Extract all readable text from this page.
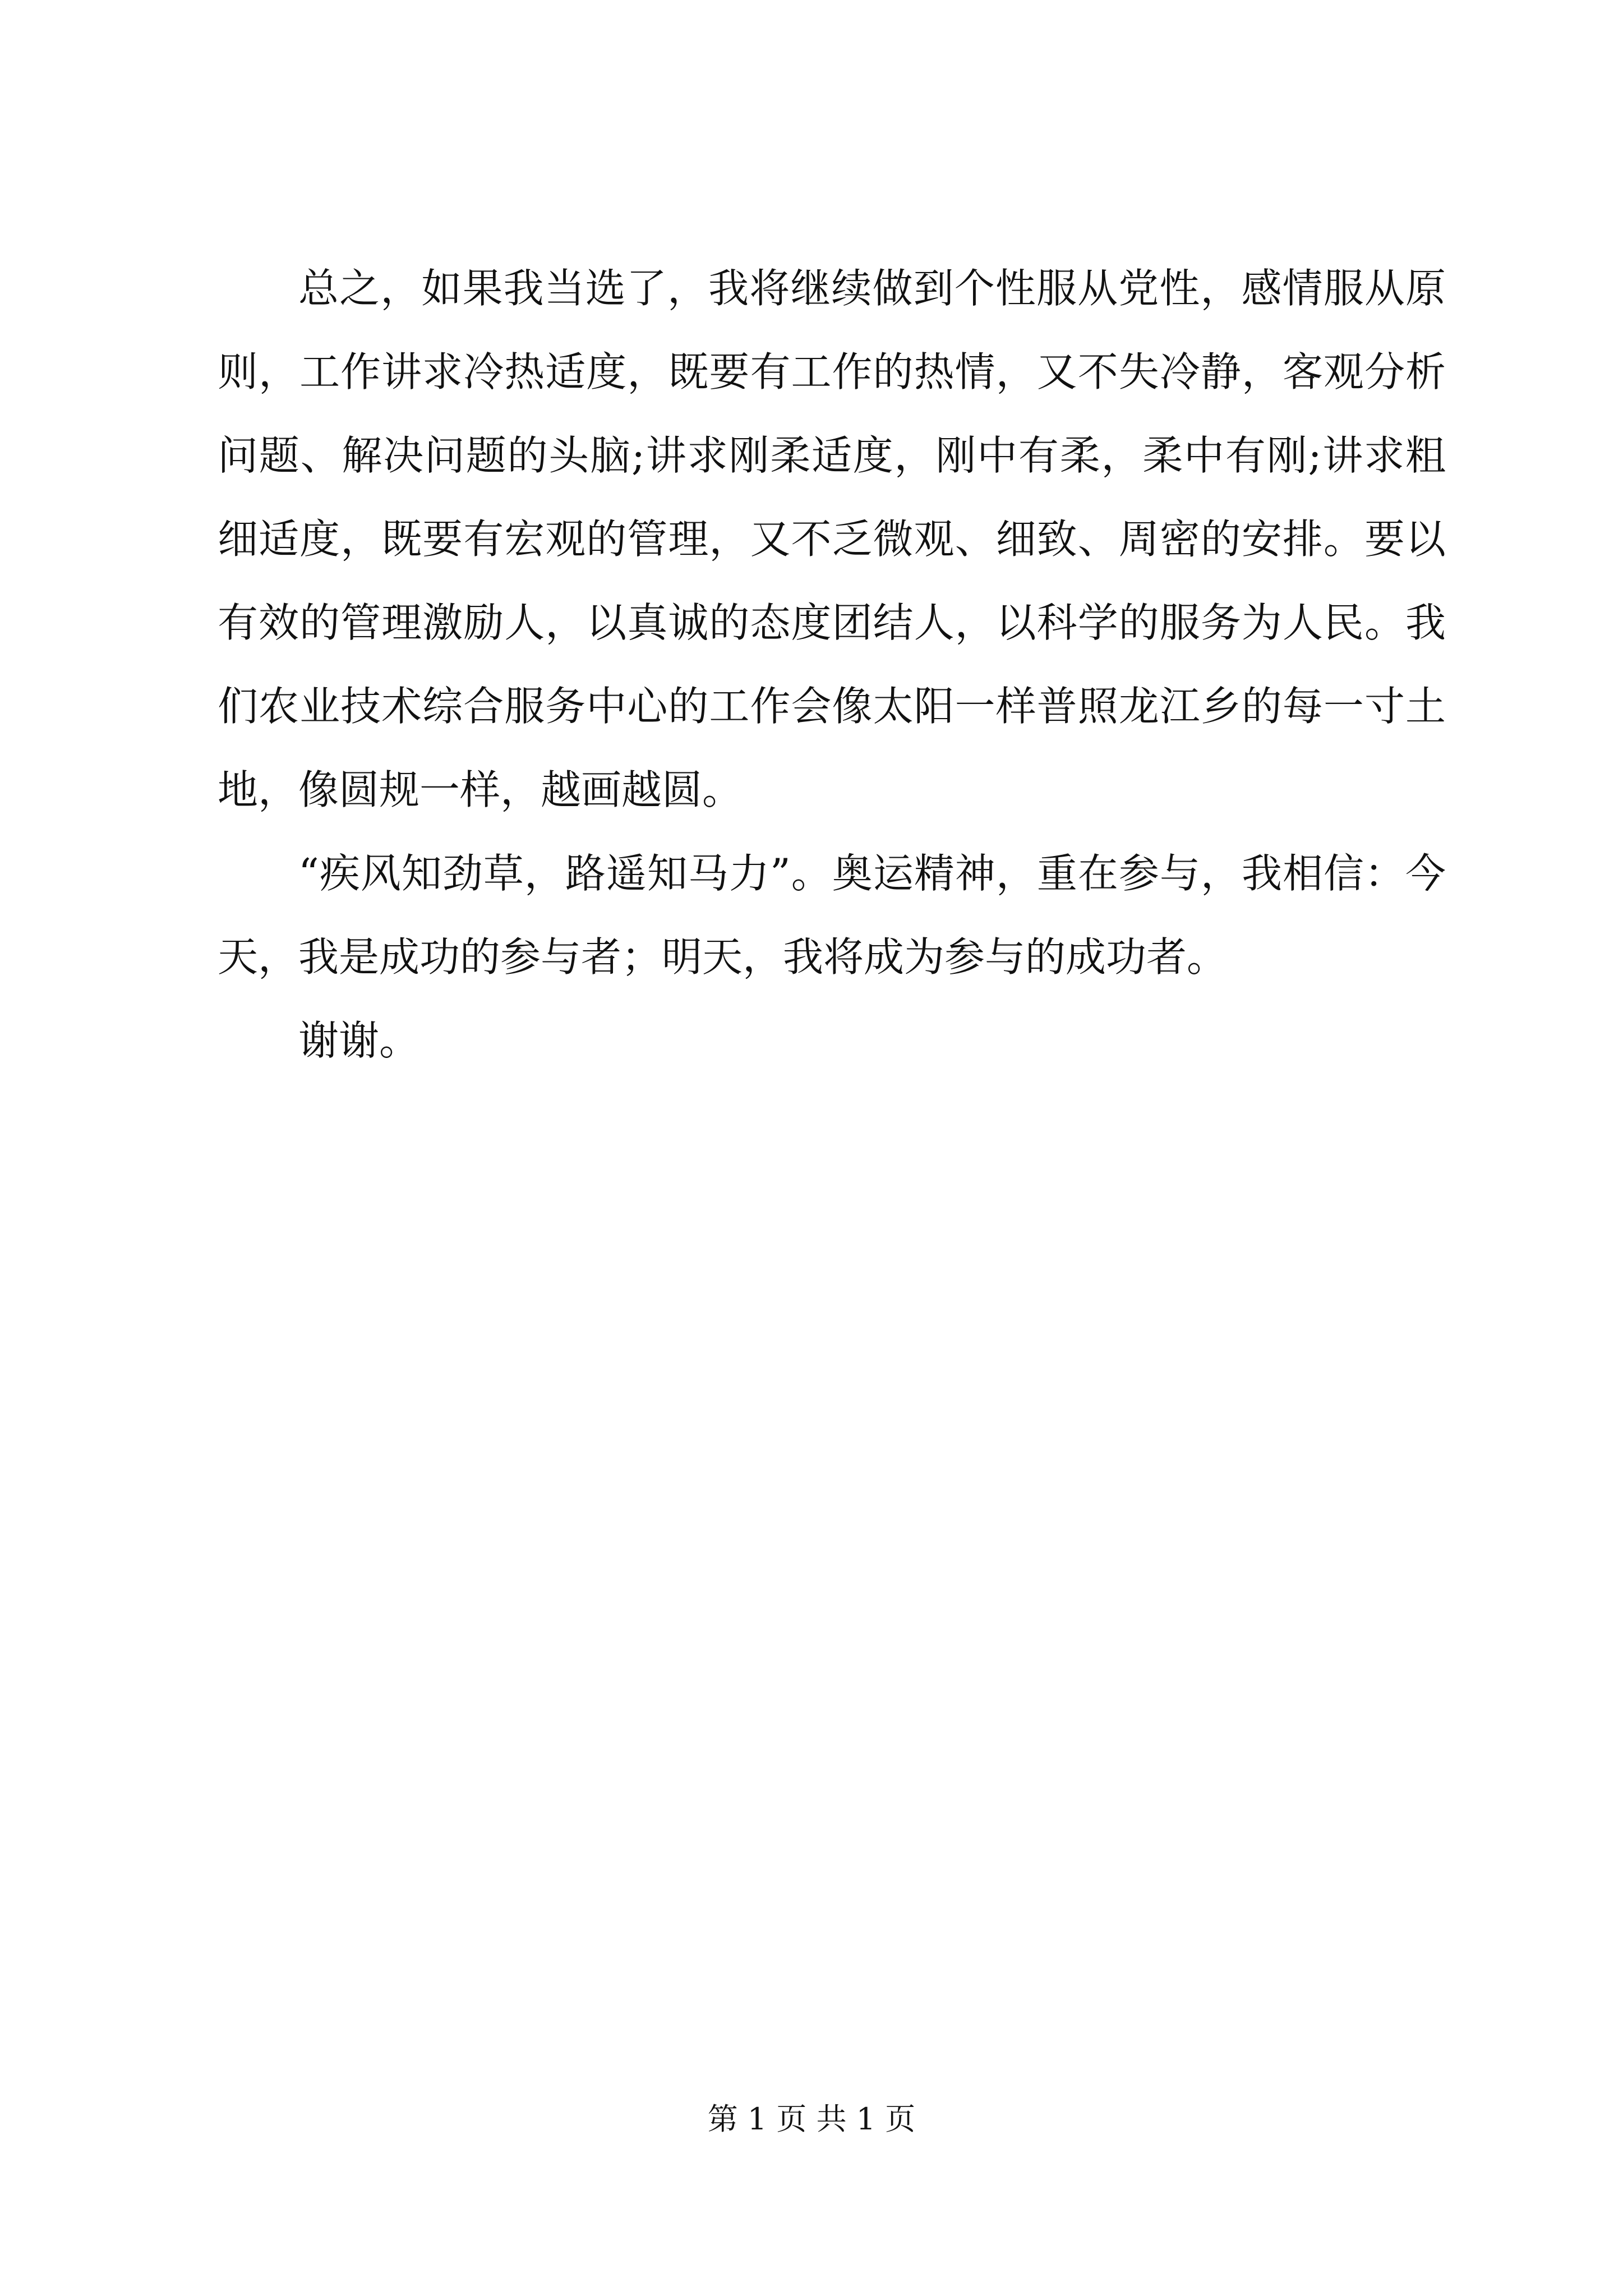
总之，如果我当选了，我将继续做到个性服从党性，感情服从原则，工作讲求冷热适度，既要有工作的热情，又不失冷静，客观分析问题、解决问题的头脑;讲求刚柔适度，刚中有柔，柔中有刚;讲求粗细适度，既要有宏观的管理，又不乏微观、细致、周密的安排。要以有效的管理激励人，以真诚的态度团结人，以科学的服务为人民。我们农业技术综合服务中心的工作会像太阳一样普照龙江乡的每一寸土地，像圆规一样，越画越圆。

“疾风知劲草，路遥知马力”。奥运精神，重在参与，我相信：今天，我是成功的参与者；明天，我将成为参与的成功者。

谢谢。

第 1 页 共 1 页
